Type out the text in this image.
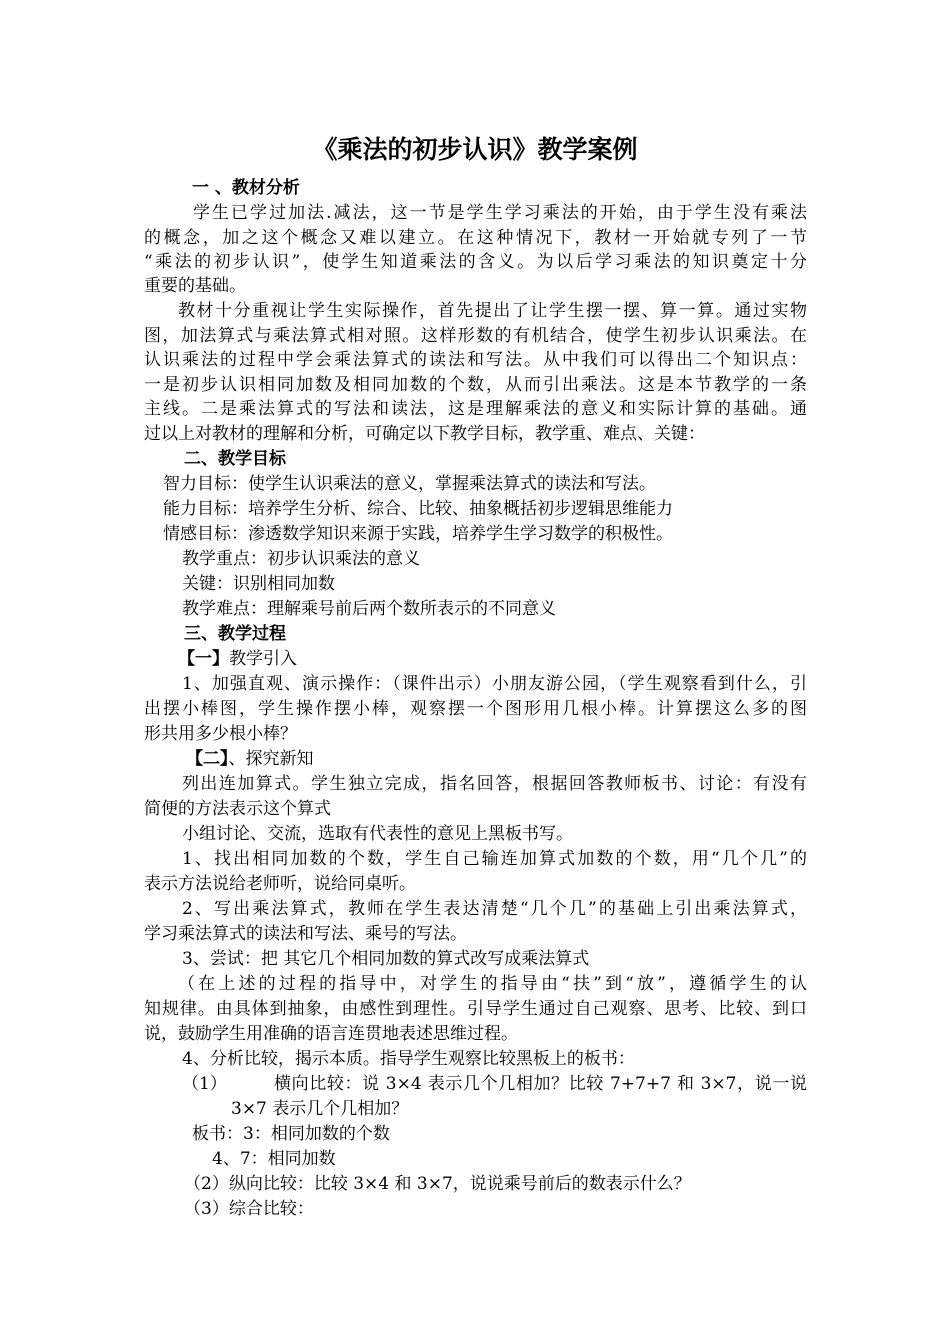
《乘法的初步认识》教学案例
一 、教材分析
学生已学过加法.减法，这一节是学生学习乘法的开始，由于学生没有乘法
的概念，加之这个概念又难以建立。在这种情况下，教材一开始就专列了一节
“乘法的初步认识”，使学生知道乘法的含义。为以后学习乘法的知识奠定十分
重要的基础。
教材十分重视让学生实际操作，首先提出了让学生摆一摆、算一算。通过实物
图，加法算式与乘法算式相对照。这样形数的有机结合，使学生初步认识乘法。在
认识乘法的过程中学会乘法算式的读法和写法。从中我们可以得出二个知识点：
一是初步认识相同加数及相同加数的个数，从而引出乘法。这是本节教学的一条
主线。二是乘法算式的写法和读法，这是理解乘法的意义和实际计算的基础。通
过以上对教材的理解和分析，可确定以下教学目标，教学重、难点、关键：
二、教学目标
智力目标：使学生认识乘法的意义，掌握乘法算式的读法和写法。
能力目标：培养学生分析、综合、比较、抽象概括初步逻辑思维能力
情感目标：渗透数学知识来源于实践，培养学生学习数学的积极性。
教学重点：初步认识乘法的意义
关键：识别相同加数
教学难点：理解乘号前后两个数所表示的不同意义
三、教学过程
【一】教学引入
1、加强直观、演示操作：（课件出示）小朋友游公园，（学生观察看到什么，引
出摆小棒图，学生操作摆小棒，观察摆一个图形用几根小棒。计算摆这么多的图
形共用多少根小棒？
【二】、探究新知
列出连加算式。学生独立完成，指名回答，根据回答教师板书、讨论：有没有
简便的方法表示这个算式
小组讨论、交流，选取有代表性的意见上黑板书写。
1、找出相同加数的个数，学生自己输连加算式加数的个数，用“几个几”的
表示方法说给老师听，说给同桌听。
2、写出乘法算式，教师在学生表达清楚“几个几”的基础上引出乘法算式，
学习乘法算式的读法和写法、乘号的写法。
3、尝试：把 其它几个相同加数的算式改写成乘法算式
（在上述的过程的指导中，对学生的指导由“扶”到“放”，遵循学生的认
知规律。由具体到抽象，由感性到理性。引导学生通过自己观察、思考、比较、到口
说，鼓励学生用准确的语言连贯地表述思维过程。
4、分析比较，揭示本质。指导学生观察比较黑板上的板书：
（1）	横向比较：说 3×4 表示几个几相加？比较 7+7+7 和 3×7，说一说
3×7 表示几个几相加？
板书：3：相同加数的个数
4、7：相同加数
（2）纵向比较：比较 3×4 和 3×7，说说乘号前后的数表示什么？
（3）综合比较：
